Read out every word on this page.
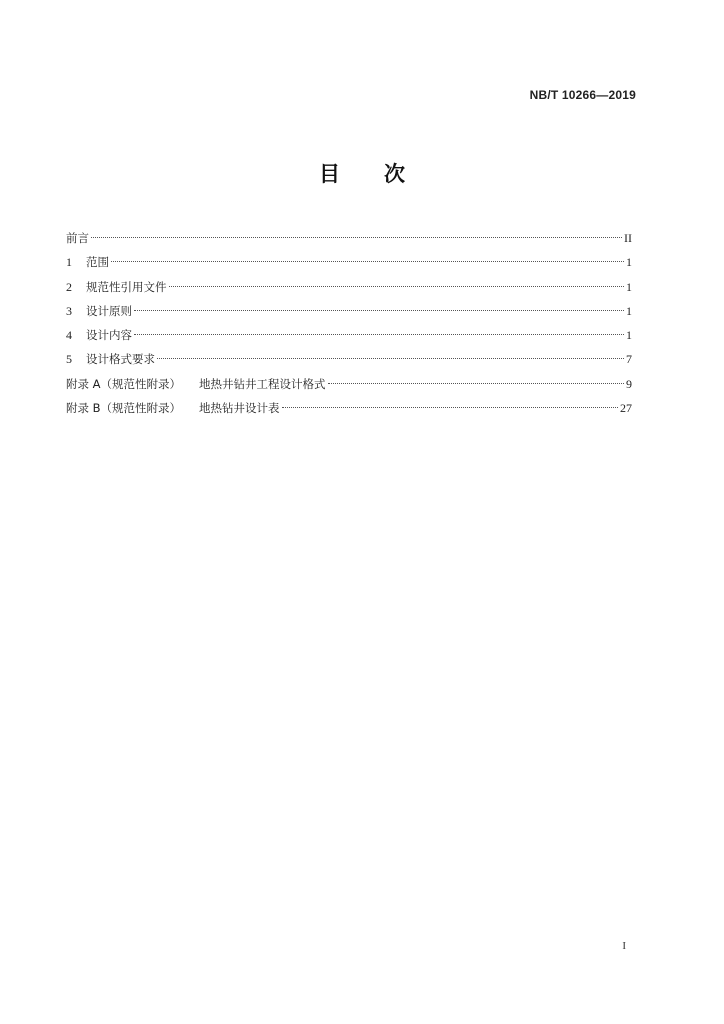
NB/T 10266—2019
目 次
前言	II
1	范围	1
2	规范性引用文件	1
3	设计原则	1
4	设计内容	1
5	设计格式要求	7
附录 A（规范性附录） 地热井钻井工程设计格式	9
附录 B（规范性附录） 地热钻井设计表	27
I
